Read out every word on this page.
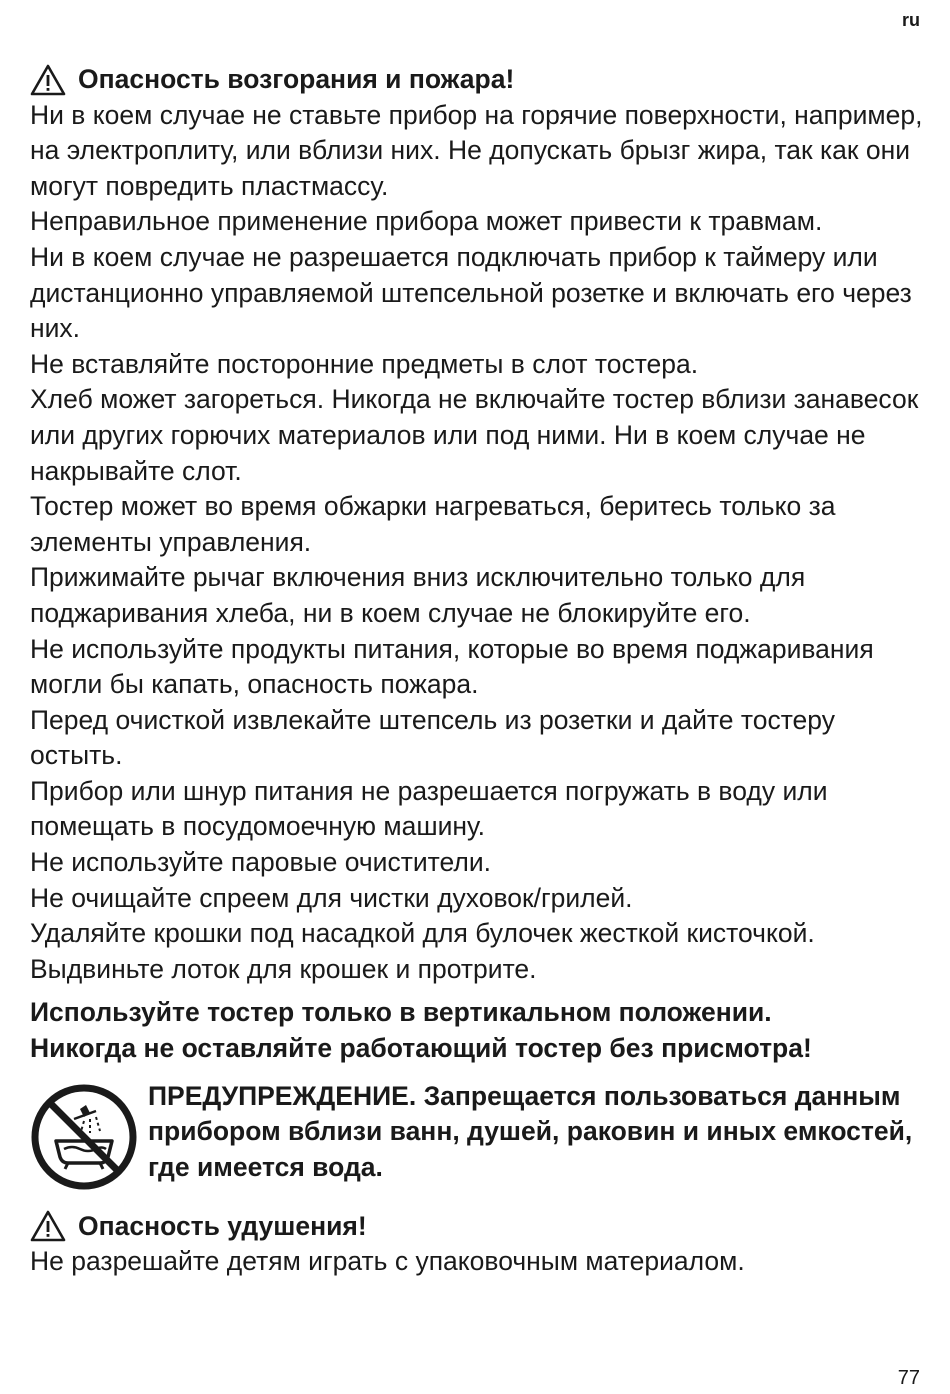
ru
Опасность возгорания и пожара!

Ни в коем случае не ставьте прибор на горячие поверхности, например, на электроплиту, или вблизи них. Не допускать брызг жира, так как они могут повредить пластмассу.

Неправильное применение прибора может привести к травмам.

Ни в коем случае не разрешается подключать прибор к таймеру или дистанционно управляемой штепсельной розетке и включать его через них.

Не вставляйте посторонние предметы в слот тостера.

Хлеб может загореться. Никогда не включайте тостер вблизи занавесок или других горючих материалов или под ними. Ни в коем случае не накрывайте слот.

Тостер может во время обжарки нагреваться, беритесь только за элементы управления.

Прижимайте рычаг включения вниз исключительно только для поджаривания хлеба, ни в коем случае не блокируйте его.

Не используйте продукты питания, которые во время поджаривания могли бы капать, опасность пожара.

Перед очисткой извлекайте штепсель из розетки и дайте тостеру остыть.

Прибор или шнур питания не разрешается погружать в воду или помещать в посудомоечную машину.

Не используйте паровые очистители.

Не очищайте спреем для чистки духовок/грилей.

Удаляйте крошки под насадкой для булочек жесткой кисточкой.

Выдвиньте лоток для крошек и протрите.

Используйте тостер только в вертикальном положении.

Никогда не оставляйте работающий тостер без присмотра!

ПРЕДУПРЕЖДЕНИЕ. Запрещается пользоваться данным прибором вблизи ванн, душей, раковин и иных емкостей, где имеется вода.
Опасность удушения!

Не разрешайте детям играть с упаковочным материалом.

77
